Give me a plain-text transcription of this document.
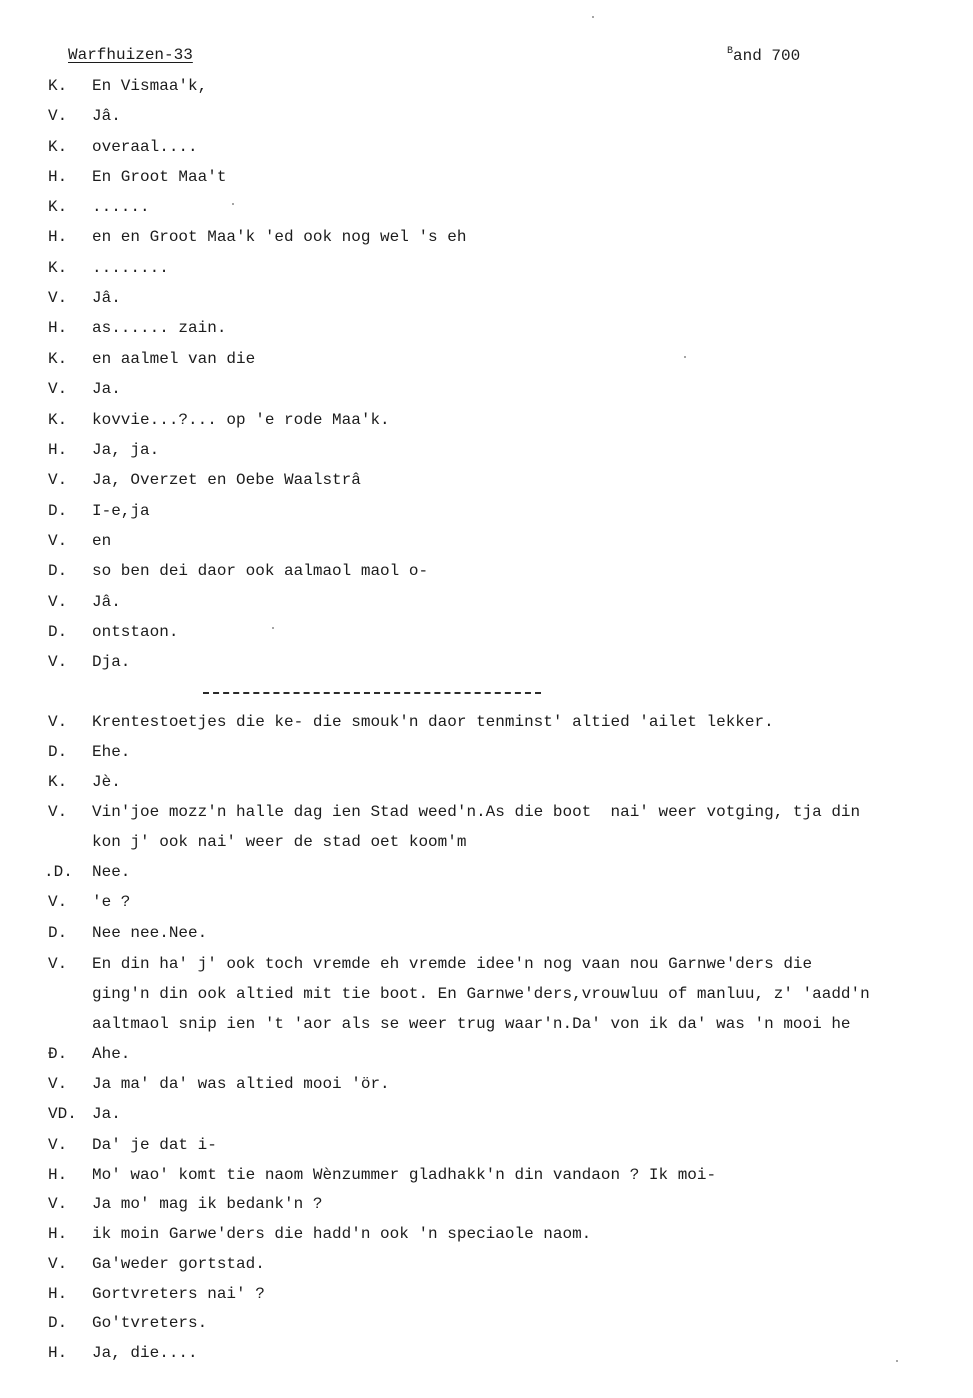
Warfhuizen-33	$^B$and 700
K. En Vismaa'k,
V. Jâ.
K. overaal....
H. En Groot Maa't
K. ......
H. en en Groot Maa'k 'ed ook nog wel 's eh
K. ........
V. Jâ.
H. as...... zain.
K. en aalmel van die
V. Ja.
K. kovvie...?... op 'e rode Maa'k.
H. Ja, ja.
V. Ja, Overzet en Oebe Waalstrâ
D. I-e,ja
V. en
D. so ben dei daor ook aalmaol maol o-
V. Jâ.
D. ontstaon.
V. Dja.
V. Krentestoetjes die ke- die smouk'n daor tenminst' altied 'ailet lekker.
D. Ehe.
K. Jè.
V. Vin'joe mozz'n halle dag ien Stad weed'n.As die boot  nai' weer votging, tja din
kon j' ook nai' weer de stad oet koom'm
.D. Nee.
V. 'e ?
D. Nee nee.Nee.
V. En din ha' j' ook toch vremde eh vremde idee'n nog vaan nou Garnwe'ders die
ging'n din ook altied mit tie boot. En Garnwe'ders,vrouwluu of manluu, z' 'aadd'n
aaltmaol snip ien 't 'aor als se weer trug waar'n.Da' von ik da' was 'n mooi he
Đ. Ahe.
V. Ja ma' da' was altied mooi 'ör.
VD. Ja.
V. Da' je dat i-
H. Mo' wao' komt tie naom Wènzummer gladhakk'n din vandaon ? Ik moi-
V. Ja mo' mag ik bedank'n ?
H. ik moin Garwe'ders die hadd'n ook 'n speciaole naom.
V. Ga'weder gortstad.
H. Gortvreters nai' ?
D. Go'tvreters.
H. Ja, die....
